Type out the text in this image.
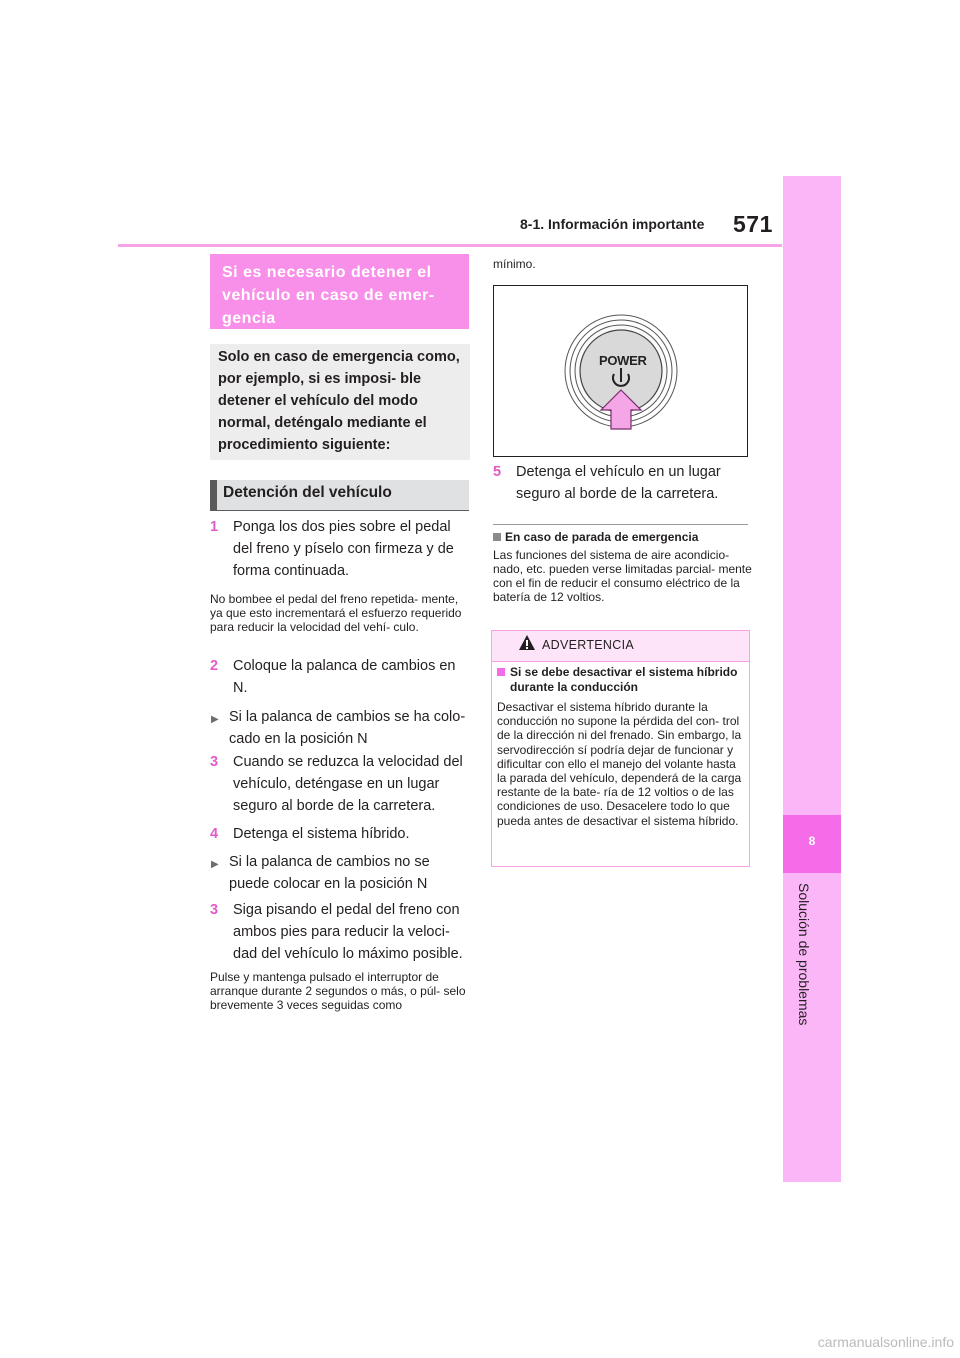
8-1. Información importante 571
8
Solución de problemas
Si es necesario detener el vehículo en caso de emer- gencia
Solo en caso de emergencia como, por ejemplo, si es imposi- ble detener el vehículo del modo normal, deténgalo mediante el procedimiento siguiente:
Detención del vehículo
1 Ponga los dos pies sobre el pedal del freno y píselo con firmeza y de forma continuada.
No bombee el pedal del freno repetida- mente, ya que esto incrementará el esfuerzo requerido para reducir la velocidad del vehí- culo.
2 Coloque la palanca de cambios en N.
▶ Si la palanca de cambios se ha colo- cado en la posición N
3 Cuando se reduzca la velocidad del vehículo, deténgase en un lugar seguro al borde de la carretera.
4 Detenga el sistema híbrido.
▶ Si la palanca de cambios no se puede colocar en la posición N
3 Siga pisando el pedal del freno con ambos pies para reducir la veloci- dad del vehículo lo máximo posible.
Pulse y mantenga pulsado el interruptor de arranque durante 2 segundos o más, o púl- selo brevemente 3 veces seguidas como
mínimo.
POWER
5 Detenga el vehículo en un lugar seguro al borde de la carretera.
En caso de parada de emergencia
Las funciones del sistema de aire acondicio- nado, etc. pueden verse limitadas parcial- mente con el fin de reducir el consumo eléctrico de la batería de 12 voltios.
ADVERTENCIA
Si se debe desactivar el sistema híbrido durante la conducción
Desactivar el sistema híbrido durante la conducción no supone la pérdida del con- trol de la dirección ni del frenado. Sin embargo, la servodirección sí podría dejar de funcionar y dificultar con ello el manejo del volante hasta la parada del vehículo, dependerá de la carga restante de la bate- ría de 12 voltios o de las condiciones de uso. Desacelere todo lo que pueda antes de desactivar el sistema híbrido.
carmanualsonline.info
